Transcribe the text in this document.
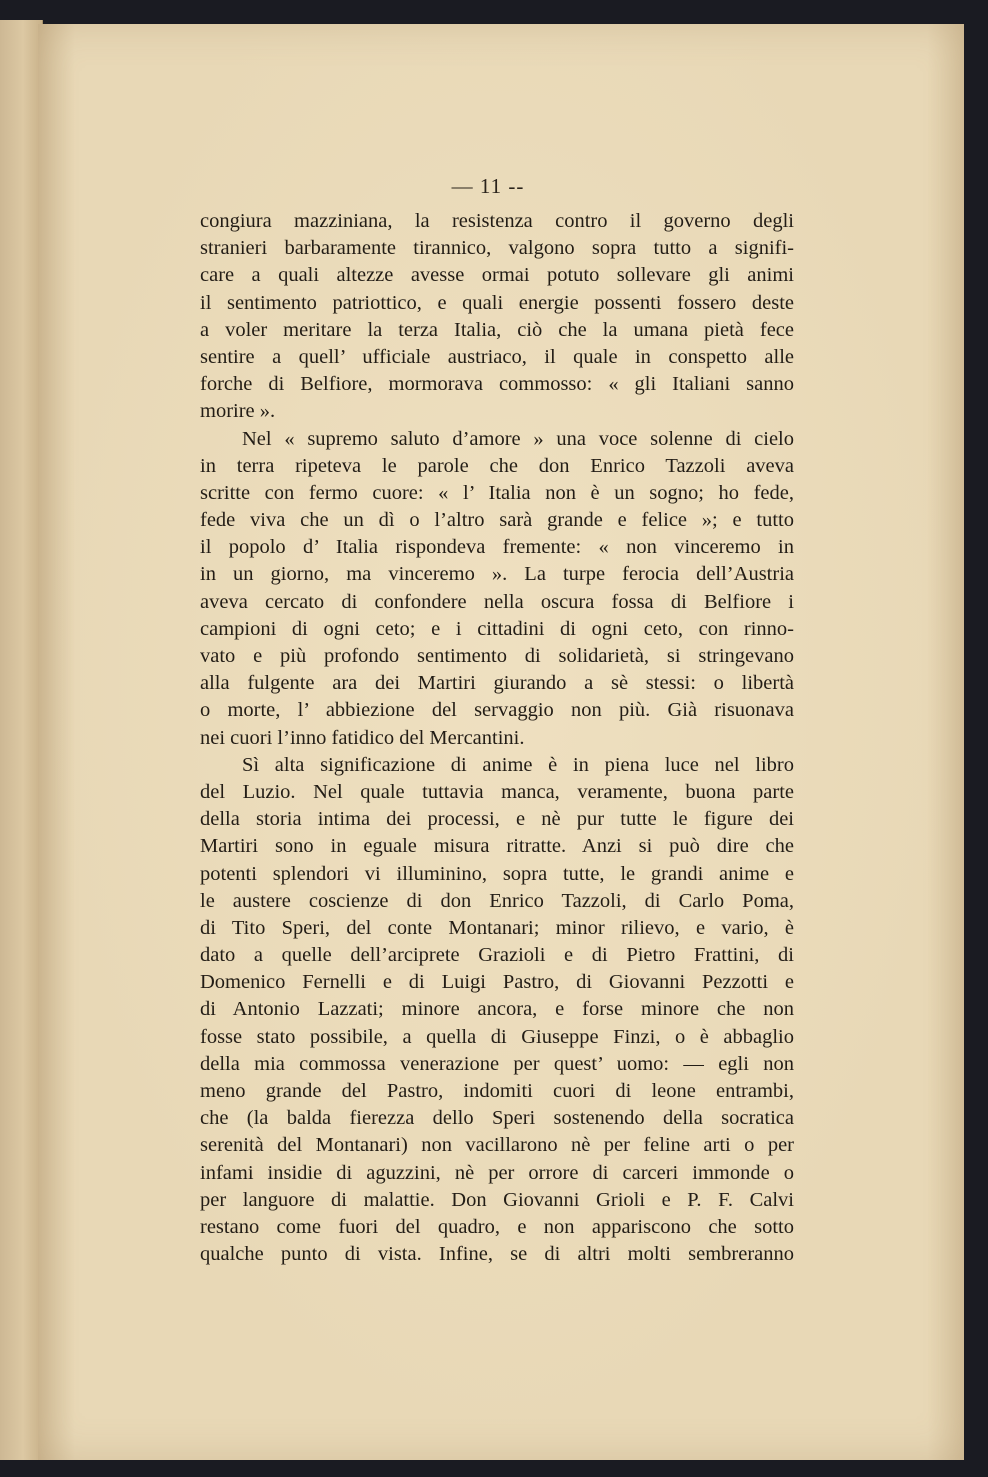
— 11 --
congiura mazziniana, la resistenza contro il governo degli
stranieri barbaramente tirannico, valgono sopra tutto a signifi-
care a quali altezze avesse ormai potuto sollevare gli animi
il sentimento patriottico, e quali energie possenti fossero deste
a voler meritare la terza Italia, ciò che la umana pietà fece
sentire a quell’ ufficiale austriaco, il quale in conspetto alle
forche di Belfiore, mormorava commosso: « gli Italiani sanno
morire ».
Nel « supremo saluto d’amore » una voce solenne di cielo
in terra ripeteva le parole che don Enrico Tazzoli aveva
scritte con fermo cuore: « l’ Italia non è un sogno; ho fede,
fede viva che un dì o l’altro sarà grande e felice »; e tutto
il popolo d’ Italia rispondeva fremente: « non vinceremo in
in un giorno, ma vinceremo ». La turpe ferocia dell’Austria
aveva cercato di confondere nella oscura fossa di Belfiore i
campioni di ogni ceto; e i cittadini di ogni ceto, con rinno-
vato e più profondo sentimento di solidarietà, si stringevano
alla fulgente ara dei Martiri giurando a sè stessi: o libertà
o morte, l’ abbiezione del servaggio non più. Già risuonava
nei cuori l’inno fatidico del Mercantini.
Sì alta significazione di anime è in piena luce nel libro
del Luzio. Nel quale tuttavia manca, veramente, buona parte
della storia intima dei processi, e nè pur tutte le figure dei
Martiri sono in eguale misura ritratte. Anzi si può dire che
potenti splendori vi illuminino, sopra tutte, le grandi anime e
le austere coscienze di don Enrico Tazzoli, di Carlo Poma,
di Tito Speri, del conte Montanari; minor rilievo, e vario, è
dato a quelle dell’arciprete Grazioli e di Pietro Frattini, di
Domenico Fernelli e di Luigi Pastro, di Giovanni Pezzotti e
di Antonio Lazzati; minore ancora, e forse minore che non
fosse stato possibile, a quella di Giuseppe Finzi, o è abbaglio
della mia commossa venerazione per quest’ uomo: — egli non
meno grande del Pastro, indomiti cuori di leone entrambi,
che (la balda fierezza dello Speri sostenendo della socratica
serenità del Montanari) non vacillarono nè per feline arti o per
infami insidie di aguzzini, nè per orrore di carceri immonde o
per languore di malattie. Don Giovanni Grioli e P. F. Calvi
restano come fuori del quadro, e non appariscono che sotto
qualche punto di vista. Infine, se di altri molti sembreranno
